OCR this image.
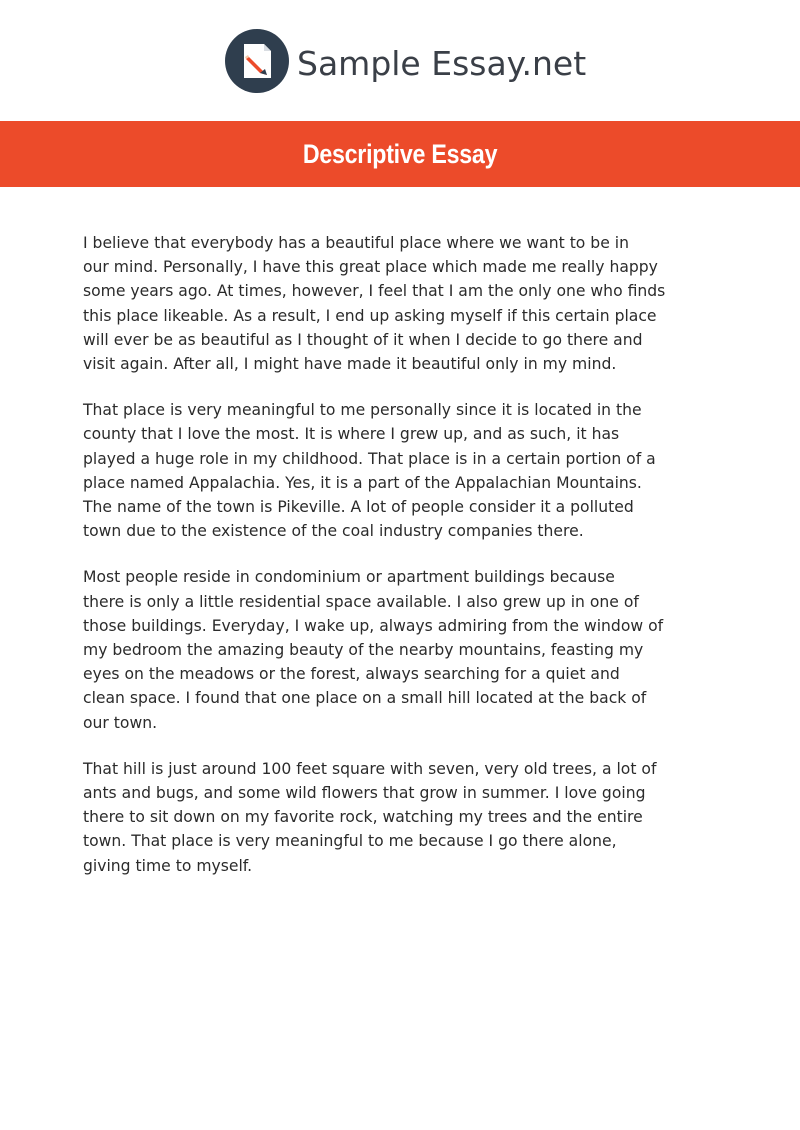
Sample Essay.net
Descriptive Essay

I believe that everybody has a beautiful place where we want to be in
our mind. Personally, I have this great place which made me really happy
some years ago. At times, however, I feel that I am the only one who finds
this place likeable. As a result, I end up asking myself if this certain place
will ever be as beautiful as I thought of it when I decide to go there and
visit again. After all, I might have made it beautiful only in my mind.

That place is very meaningful to me personally since it is located in the
county that I love the most. It is where I grew up, and as such, it has
played a huge role in my childhood. That place is in a certain portion of a
place named Appalachia. Yes, it is a part of the Appalachian Mountains.
The name of the town is Pikeville. A lot of people consider it a polluted
town due to the existence of the coal industry companies there.

Most people reside in condominium or apartment buildings because
there is only a little residential space available. I also grew up in one of
those buildings. Everyday, I wake up, always admiring from the window of
my bedroom the amazing beauty of the nearby mountains, feasting my
eyes on the meadows or the forest, always searching for a quiet and
clean space. I found that one place on a small hill located at the back of
our town.

That hill is just around 100 feet square with seven, very old trees, a lot of
ants and bugs, and some wild flowers that grow in summer. I love going
there to sit down on my favorite rock, watching my trees and the entire
town. That place is very meaningful to me because I go there alone,
giving time to myself.
